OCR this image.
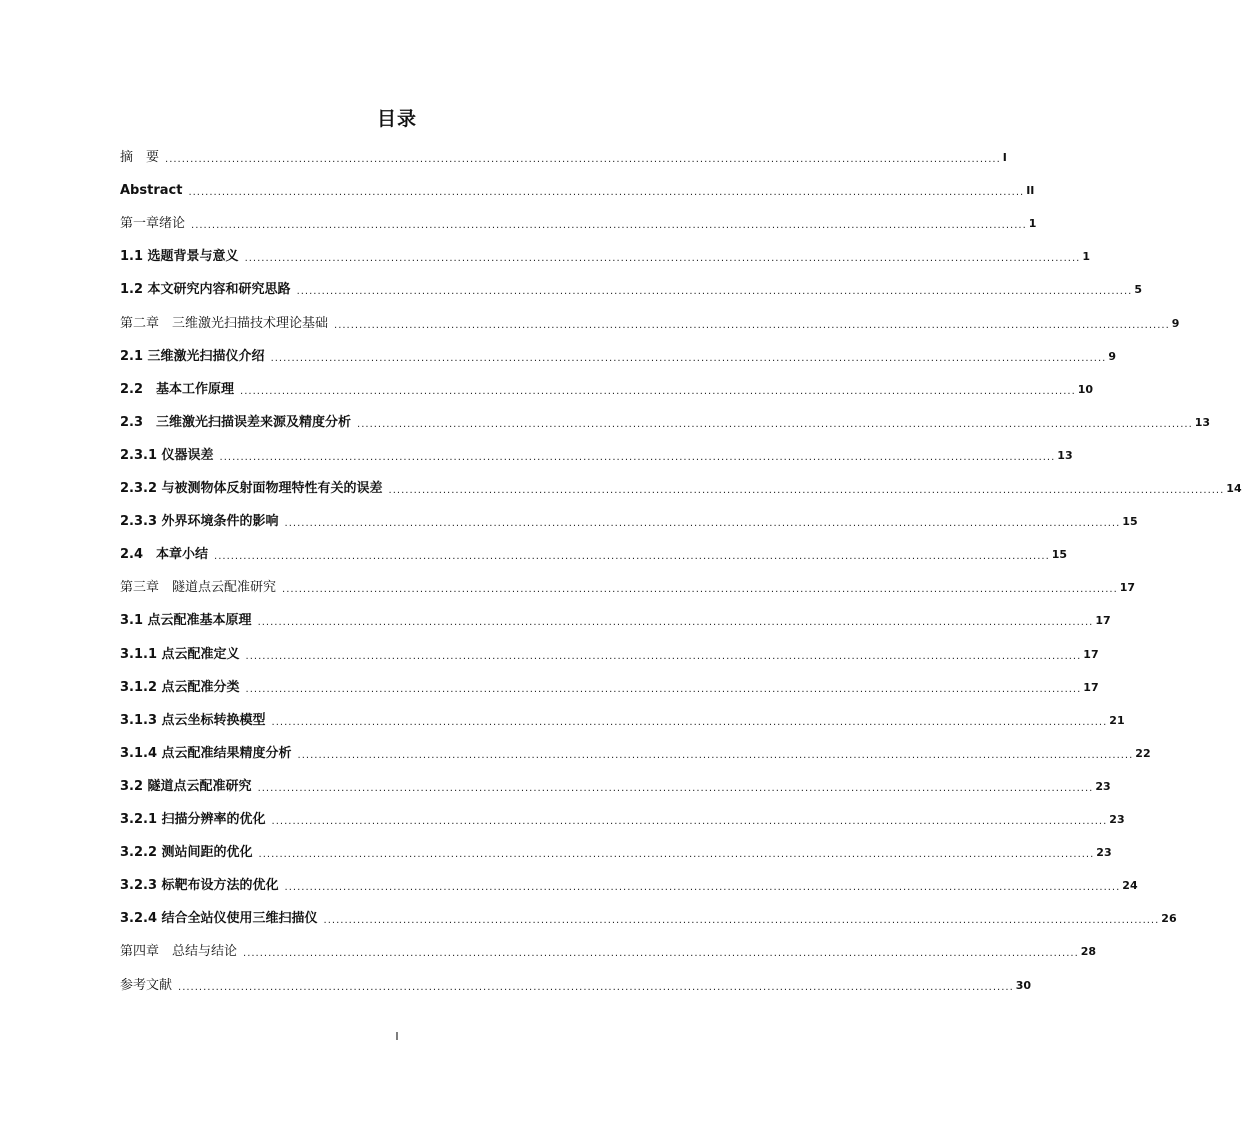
目录
摘　要 ........................................................................................................................................................................................................ I
Abstract ........................................................................................................................................................................................................ II
第一章绪论 ........................................................................................................................................................................................................ 1
1.1 选题背景与意义 ........................................................................................................................................................................................................ 1
1.2 本文研究内容和研究思路 ........................................................................................................................................................................................................ 5
第二章　三维激光扫描技术理论基础 ........................................................................................................................................................................................................ 9
2.1 三维激光扫描仪介绍 ........................................................................................................................................................................................................ 9
2.2　基本工作原理 ........................................................................................................................................................................................................ 10
2.3　三维激光扫描误差来源及精度分析 ........................................................................................................................................................................................................ 13
2.3.1 仪器误差 ........................................................................................................................................................................................................ 13
2.3.2 与被测物体反射面物理特性有关的误差 ........................................................................................................................................................................................................ 14
2.3.3 外界环境条件的影响 ........................................................................................................................................................................................................ 15
2.4　本章小结 ........................................................................................................................................................................................................ 15
第三章　隧道点云配准研究 ........................................................................................................................................................................................................ 17
3.1 点云配准基本原理 ........................................................................................................................................................................................................ 17
3.1.1 点云配准定义 ........................................................................................................................................................................................................ 17
3.1.2 点云配准分类 ........................................................................................................................................................................................................ 17
3.1.3 点云坐标转换模型 ........................................................................................................................................................................................................ 21
3.1.4 点云配准结果精度分析 ........................................................................................................................................................................................................ 22
3.2 隧道点云配准研究 ........................................................................................................................................................................................................ 23
3.2.1 扫描分辨率的优化 ........................................................................................................................................................................................................ 23
3.2.2 测站间距的优化 ........................................................................................................................................................................................................ 23
3.2.3 标靶布设方法的优化 ........................................................................................................................................................................................................ 24
3.2.4 结合全站仪使用三维扫描仪 ........................................................................................................................................................................................................ 26
第四章　总结与结论 ........................................................................................................................................................................................................ 28
参考文献 ........................................................................................................................................................................................................ 30
I
